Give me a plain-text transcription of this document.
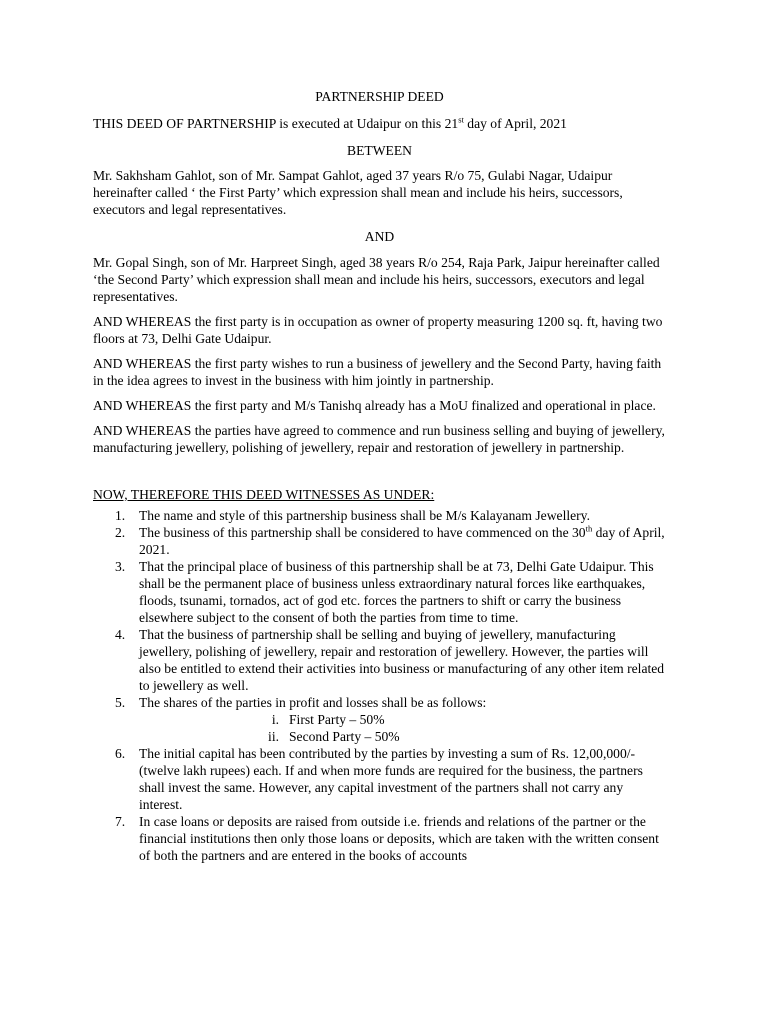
PARTNERSHIP DEED

THIS DEED OF PARTNERSHIP is executed at Udaipur on this 21st day of April, 2021

BETWEEN

Mr. Sakhsham Gahlot, son of Mr. Sampat Gahlot, aged 37 years R/o 75, Gulabi Nagar, Udaipur hereinafter called ‘ the First Party’ which expression shall mean and include his heirs, successors, executors and legal representatives.

AND

Mr. Gopal Singh, son of Mr. Harpreet Singh, aged 38 years R/o 254, Raja Park, Jaipur hereinafter called ‘the Second Party’ which expression shall mean and include his heirs, successors, executors and legal representatives.

AND WHEREAS the first party is in occupation as owner of property measuring 1200 sq. ft, having two floors at 73, Delhi Gate Udaipur.

AND WHEREAS the first party wishes to run a business of jewellery and the Second Party, having faith in the idea agrees to invest in the business with him jointly in partnership.

AND WHEREAS the first party and M/s Tanishq already has a MoU finalized and operational in place.

AND WHEREAS the parties have agreed to commence and run business selling and buying of jewellery, manufacturing jewellery, polishing of jewellery, repair and restoration of jewellery in partnership.

NOW, THEREFORE THIS DEED WITNESSES AS UNDER:

1. The name and style of this partnership business shall be M/s Kalayanam Jewellery.
2. The business of this partnership shall be considered to have commenced on the 30th day of April, 2021.
3. That the principal place of business of this partnership shall be at 73, Delhi Gate Udaipur. This shall be the permanent place of business unless extraordinary natural forces like earthquakes, floods, tsunami, tornados, act of god etc. forces the partners to shift or carry the business elsewhere subject to the consent of both the parties from time to time.
4. That the business of partnership shall be selling and buying of jewellery, manufacturing jewellery, polishing of jewellery, repair and restoration of jewellery. However, the parties will also be entitled to extend their activities into business or manufacturing of any other item related to jewellery as well.
5. The shares of the parties in profit and losses shall be as follows:
i. First Party – 50%
ii. Second Party – 50%
6. The initial capital has been contributed by the parties by investing a sum of Rs. 12,00,000/- (twelve lakh rupees) each. If and when more funds are required for the business, the partners shall invest the same. However, any capital investment of the partners shall not carry any interest.
7. In case loans or deposits are raised from outside i.e. friends and relations of the partner or the financial institutions then only those loans or deposits, which are taken with the written consent of both the partners and are entered in the books of accounts
